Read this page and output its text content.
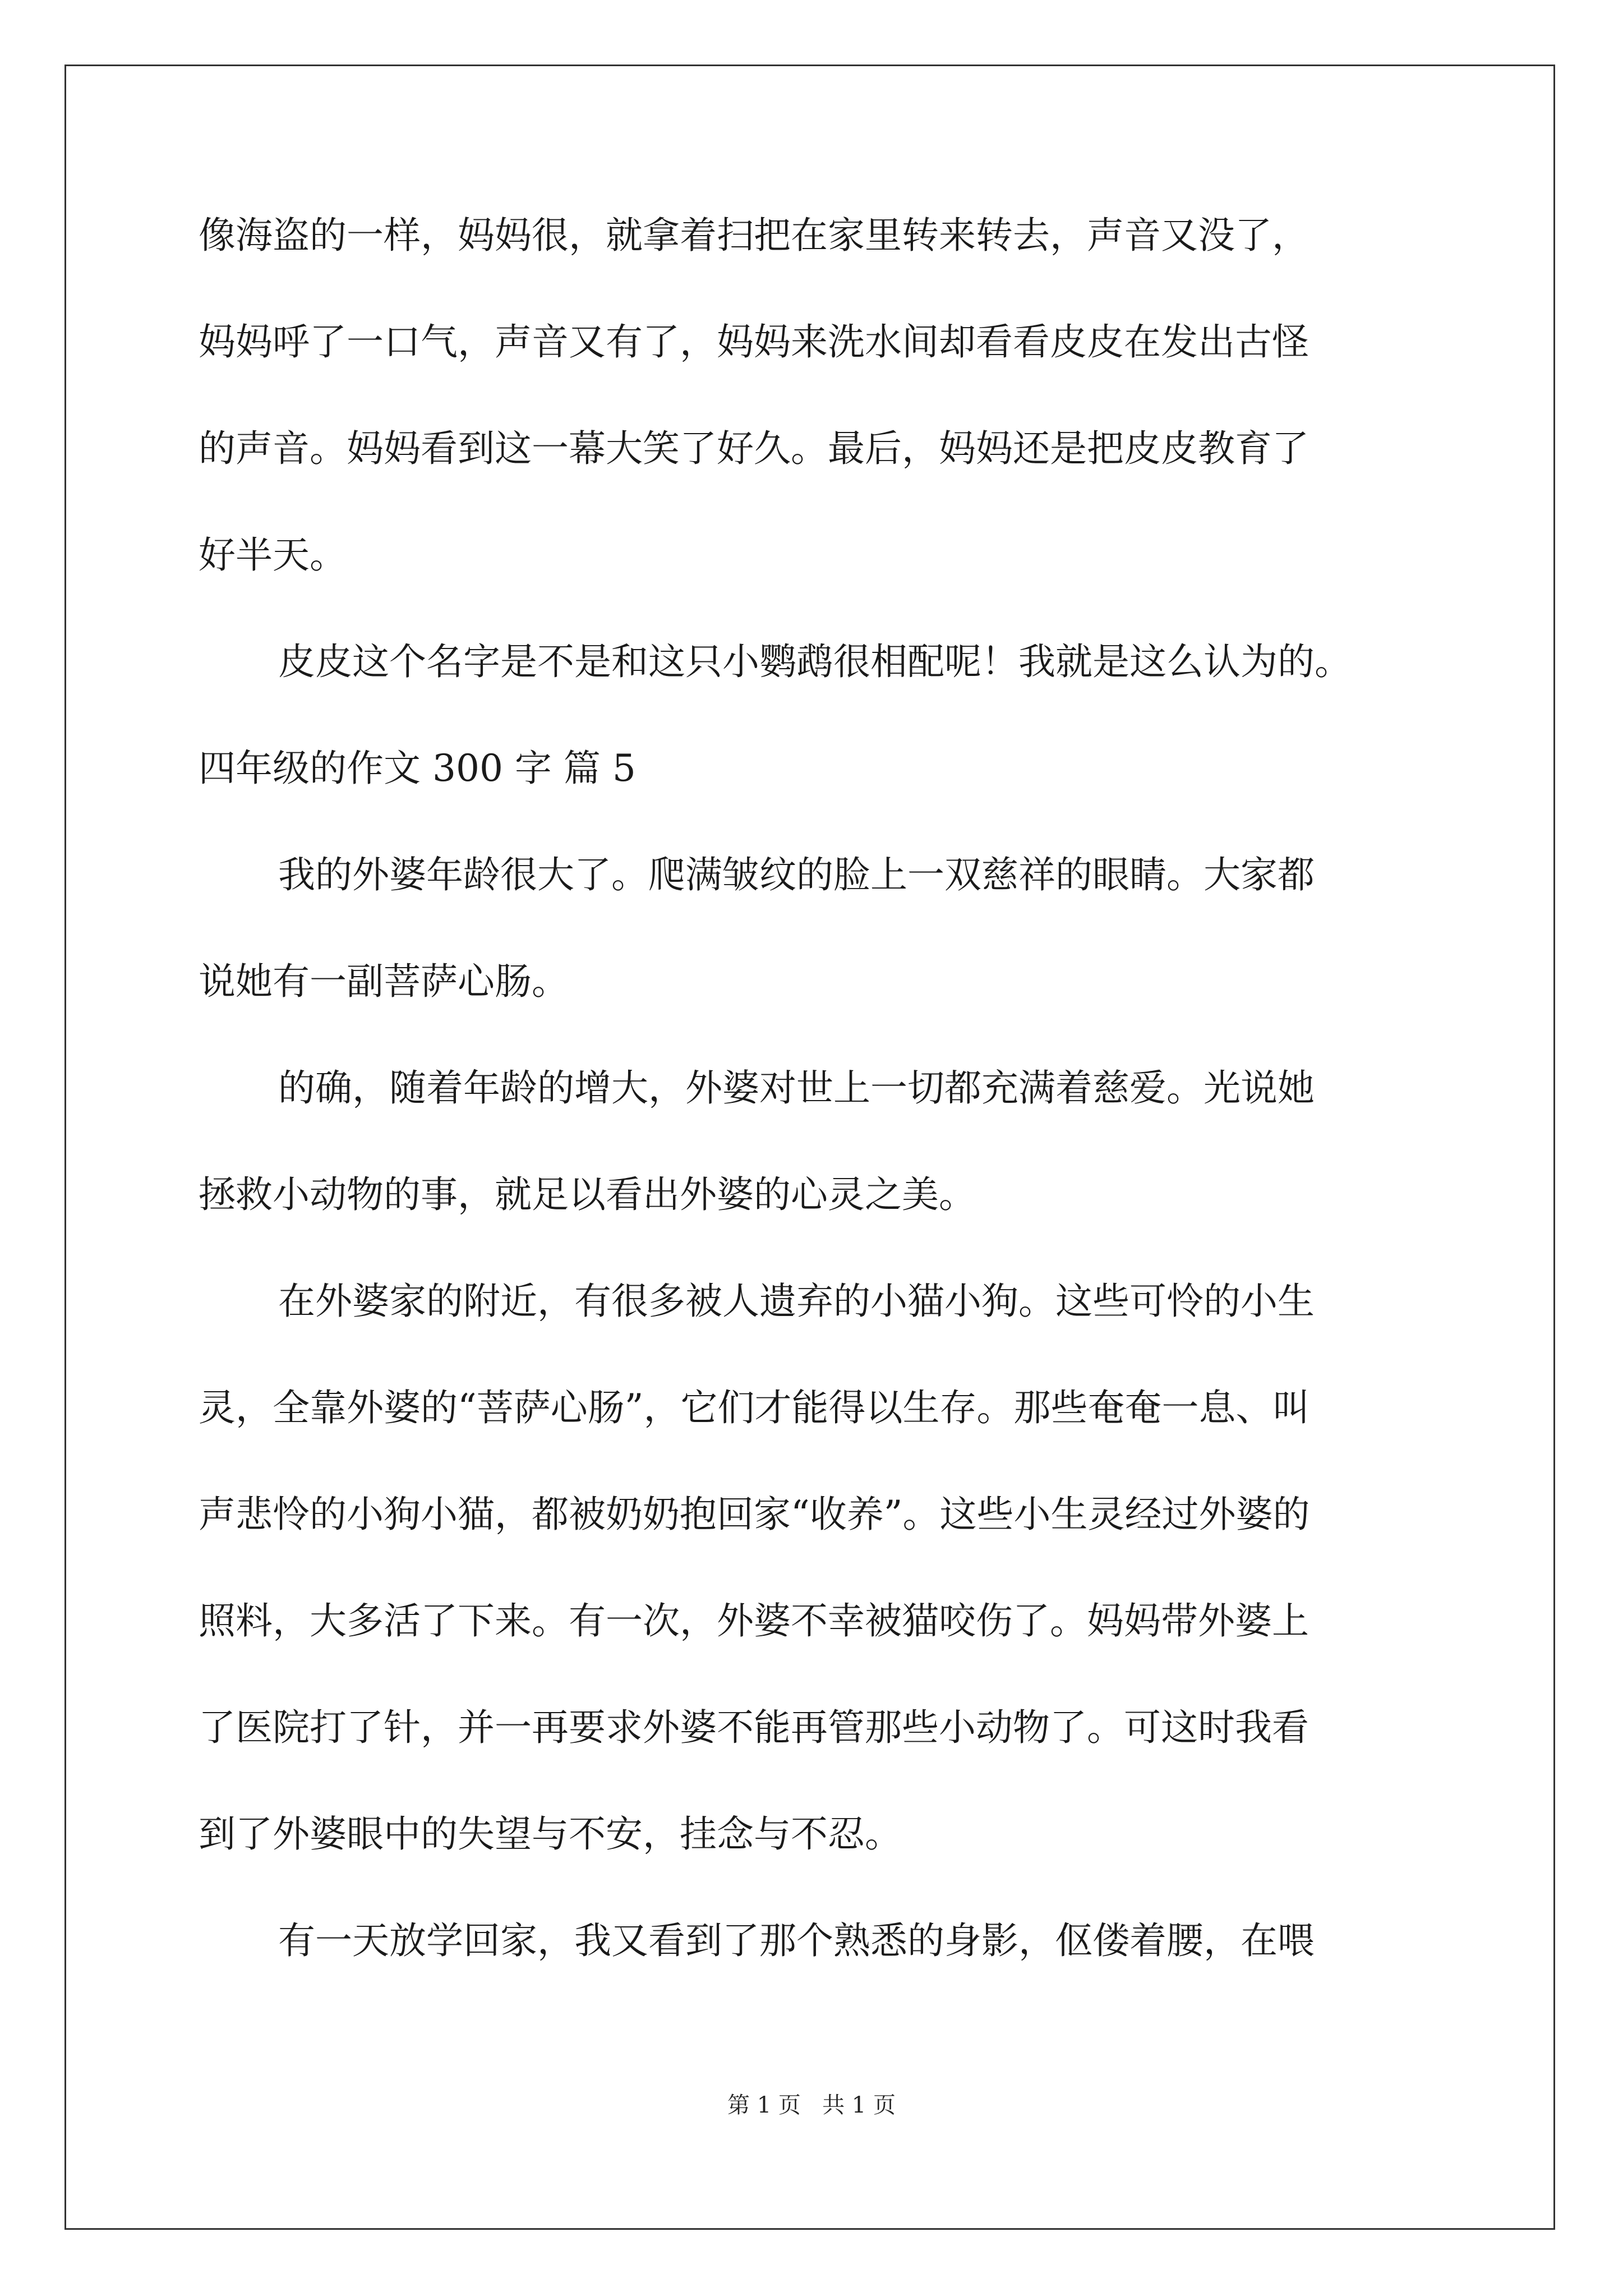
像海盗的一样，妈妈很，就拿着扫把在家里转来转去，声音又没了，

妈妈呼了一口气，声音又有了，妈妈来洗水间却看看皮皮在发出古怪

的声音。妈妈看到这一幕大笑了好久。最后，妈妈还是把皮皮教育了

好半天。

皮皮这个名字是不是和这只小鹦鹉很相配呢！我就是这么认为的。

四年级的作文 300 字 篇 5

我的外婆年龄很大了。爬满皱纹的脸上一双慈祥的眼睛。大家都

说她有一副菩萨心肠。

的确，随着年龄的增大，外婆对世上一切都充满着慈爱。光说她

拯救小动物的事，就足以看出外婆的心灵之美。

在外婆家的附近，有很多被人遗弃的小猫小狗。这些可怜的小生

灵，全靠外婆的“菩萨心肠”，它们才能得以生存。那些奄奄一息、叫

声悲怜的小狗小猫，都被奶奶抱回家“收养”。这些小生灵经过外婆的

照料，大多活了下来。有一次，外婆不幸被猫咬伤了。妈妈带外婆上

了医院打了针，并一再要求外婆不能再管那些小动物了。可这时我看

到了外婆眼中的失望与不安，挂念与不忍。

有一天放学回家，我又看到了那个熟悉的身影，伛偻着腰，在喂

第 1 页   共 1 页
